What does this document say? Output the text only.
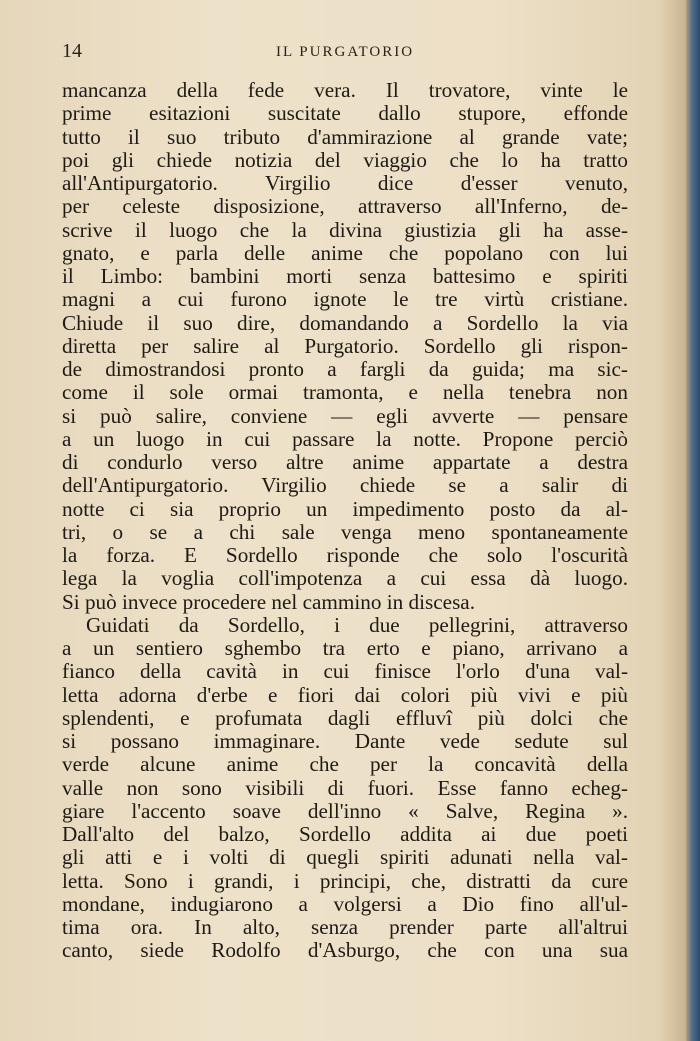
14	IL PURGATORIO
mancanza della fede vera. Il trovatore, vinte le
prime esitazioni suscitate dallo stupore, effonde
tutto il suo tributo d'ammirazione al grande vate;
poi gli chiede notizia del viaggio che lo ha tratto
all'Antipurgatorio. Virgilio dice d'esser venuto,
per celeste disposizione, attraverso all'Inferno, de-
scrive il luogo che la divina giustizia gli ha asse-
gnato, e parla delle anime che popolano con lui
il Limbo: bambini morti senza battesimo e spiriti
magni a cui furono ignote le tre virtù cristiane.
Chiude il suo dire, domandando a Sordello la via
diretta per salire al Purgatorio. Sordello gli rispon-
de dimostrandosi pronto a fargli da guida; ma sic-
come il sole ormai tramonta, e nella tenebra non
si può salire, conviene — egli avverte — pensare
a un luogo in cui passare la notte. Propone perciò
di condurlo verso altre anime appartate a destra
dell'Antipurgatorio. Virgilio chiede se a salir di
notte ci sia proprio un impedimento posto da al-
tri, o se a chi sale venga meno spontaneamente
la forza. E Sordello risponde che solo l'oscurità
lega la voglia coll'impotenza a cui essa dà luogo.
Si può invece procedere nel cammino in discesa.
Guidati da Sordello, i due pellegrini, attraverso
a un sentiero sghembo tra erto e piano, arrivano a
fianco della cavità in cui finisce l'orlo d'una val-
letta adorna d'erbe e fiori dai colori più vivi e più
splendenti, e profumata dagli effluvî più dolci che
si possano immaginare. Dante vede sedute sul
verde alcune anime che per la concavità della
valle non sono visibili di fuori. Esse fanno echeg-
giare l'accento soave dell'inno « Salve, Regina ».
Dall'alto del balzo, Sordello addita ai due poeti
gli atti e i volti di quegli spiriti adunati nella val-
letta. Sono i grandi, i principi, che, distratti da cure
mondane, indugiarono a volgersi a Dio fino all'ul-
tima ora. In alto, senza prender parte all'altrui
canto, siede Rodolfo d'Asburgo, che con una sua
